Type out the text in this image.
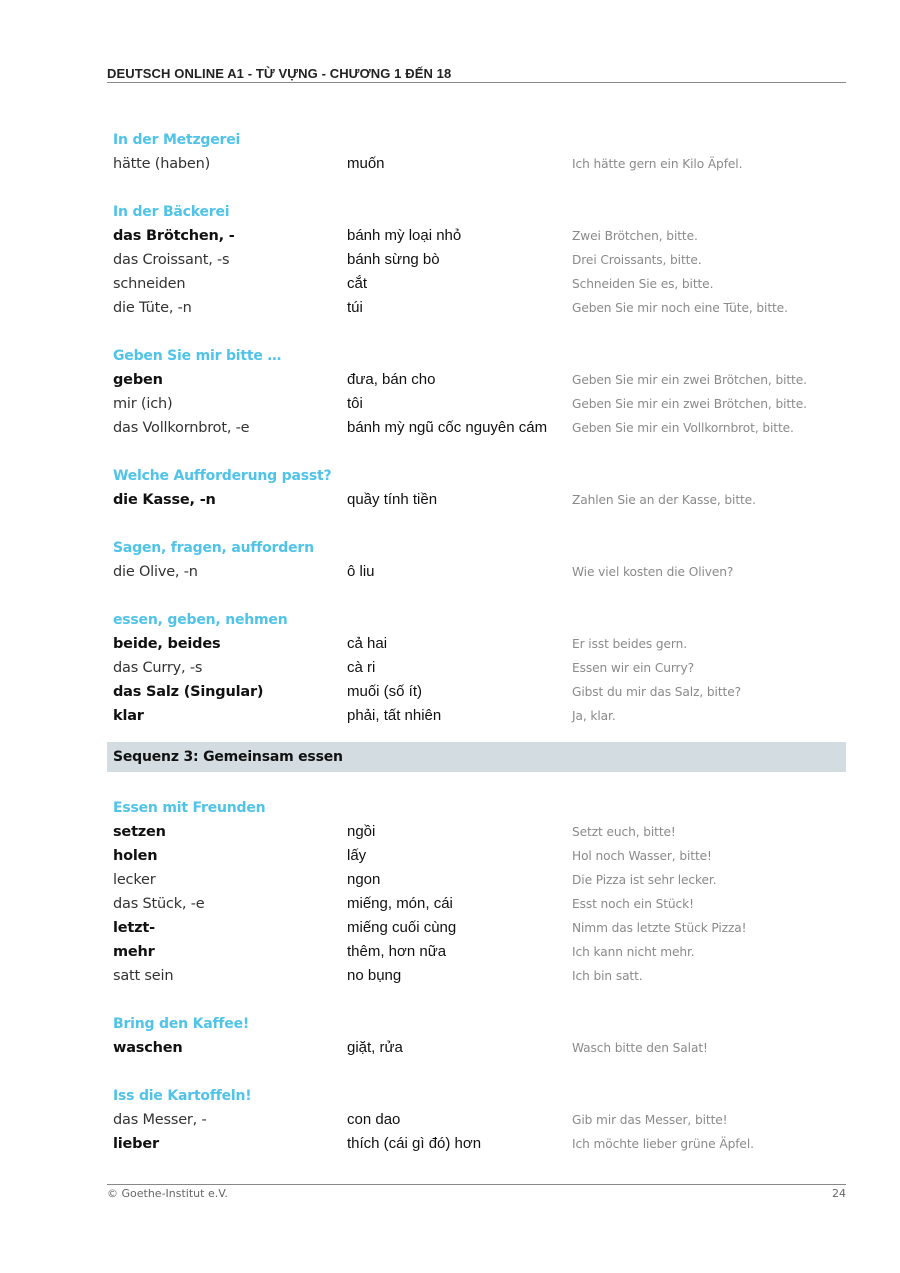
DEUTSCH ONLINE A1 - TỪ VỰNG - CHƯƠNG 1 ĐẾN 18
In der Metzgerei
hätte (haben)	muốn	Ich hätte gern ein Kilo Äpfel.
In der Bäckerei
das Brötchen, -	bánh mỳ loại nhỏ	Zwei Brötchen, bitte.
das Croissant, -s	bánh sừng bò	Drei Croissants, bitte.
schneiden	cắt	Schneiden Sie es, bitte.
die Tüte, -n	túi	Geben Sie mir noch eine Tüte, bitte.
Geben Sie mir bitte …
geben	đưa, bán cho	Geben Sie mir ein zwei Brötchen, bitte.
mir (ich)	tôi	Geben Sie mir ein zwei Brötchen, bitte.
das Vollkornbrot, -e	bánh mỳ ngũ cốc nguyên cám	Geben Sie mir ein Vollkornbrot, bitte.
Welche Aufforderung passt?
die Kasse, -n	quầy tính tiền	Zahlen Sie an der Kasse, bitte.
Sagen, fragen, auffordern
die Olive, -n	ô liu	Wie viel kosten die Oliven?
essen, geben, nehmen
beide, beides	cả hai	Er isst beides gern.
das Curry, -s	cà ri	Essen wir ein Curry?
das Salz (Singular)	muối (số ít)	Gibst du mir das Salz, bitte?
klar	phải, tất nhiên	Ja, klar.
Sequenz 3: Gemeinsam essen
Essen mit Freunden
setzen	ngồi	Setzt euch, bitte!
holen	lấy	Hol noch Wasser, bitte!
lecker	ngon	Die Pizza ist sehr lecker.
das Stück, -e	miếng, món, cái	Esst noch ein Stück!
letzt-	miếng cuối cùng	Nimm das letzte Stück Pizza!
mehr	thêm, hơn nữa	Ich kann nicht mehr.
satt sein	no bụng	Ich bin satt.
Bring den Kaffee!
waschen	giặt, rửa	Wasch bitte den Salat!
Iss die Kartoffeln!
das Messer, -	con dao	Gib mir das Messer, bitte!
lieber	thích (cái gì đó) hơn	Ich möchte lieber grüne Äpfel.
© Goethe-Institut e.V.	24
